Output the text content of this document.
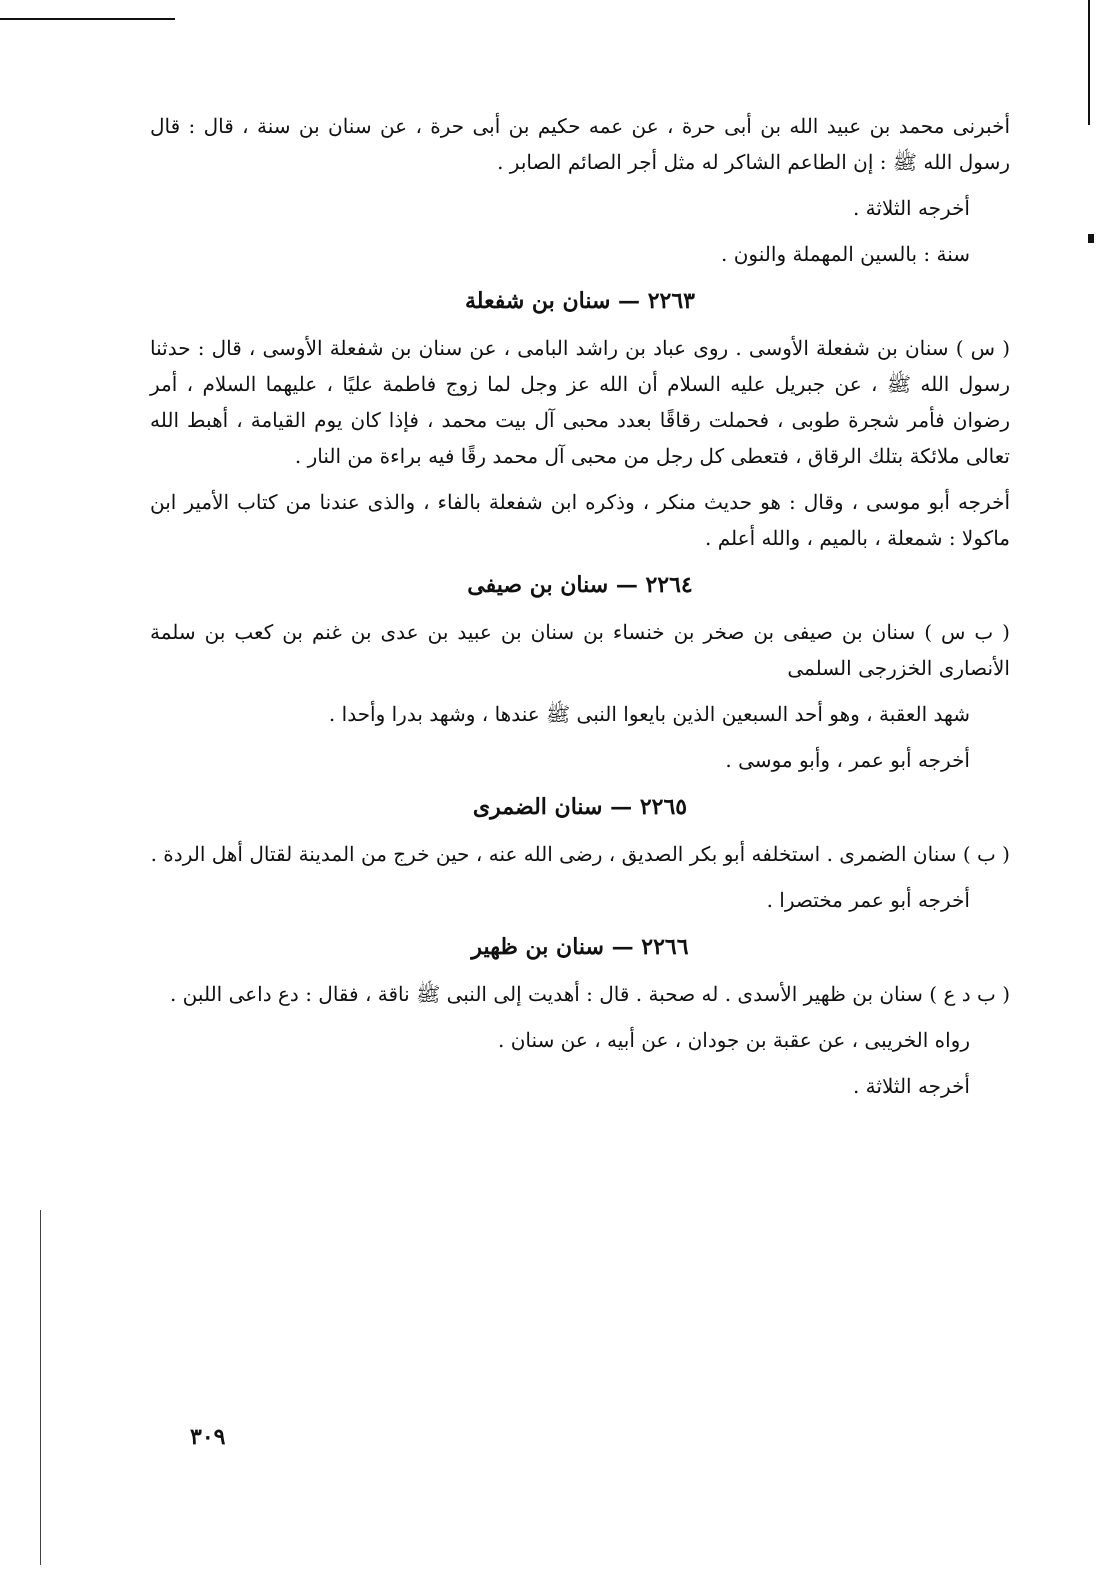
أخبرنى محمد بن عبيد الله بن أبى حرة ، عن عمه حكيم بن أبى حرة ، عن سنان بن سنة ، قال : قال رسول الله ﷺ : إن الطاعم الشاكر له مثل أجر الصائم الصابر .

أخرجه الثلاثة .

سنة : بالسين المهملة والنون .

٢٢٦٣ — سنان بن شفعلة

( س ) سنان بن شفعلة الأوسى . روى عباد بن راشد البامى ، عن سنان بن شفعلة الأوسى ، قال : حدثنا رسول الله ﷺ ، عن جبريل عليه السلام أن الله عز وجل لما زوج فاطمة عليًا ، عليهما السلام ، أمر رضوان فأمر شجرة طوبى ، فحملت رقاقًا بعدد محبى آل بيت محمد ، فإذا كان يوم القيامة ، أهبط الله تعالى ملائكة بتلك الرقاق ، فتعطى كل رجل من محبى آل محمد رقًا فيه براءة من النار .

أخرجه أبو موسى ، وقال : هو حديث منكر ، وذكره ابن شفعلة بالفاء ، والذى عندنا من كتاب الأمير ابن ماكولا : شمعلة ، بالميم ، والله أعلم .

٢٢٦٤ — سنان بن صيفى

( ب س ) سنان بن صيفى بن صخر بن خنساء بن سنان بن عبيد بن عدى بن غنم بن كعب بن سلمة الأنصارى الخزرجى السلمى

شهد العقبة ، وهو أحد السبعين الذين بايعوا النبى ﷺ عندها ، وشهد بدرا وأحدا .

أخرجه أبو عمر ، وأبو موسى .

٢٢٦٥ — سنان الضمرى

( ب ) سنان الضمرى . استخلفه أبو بكر الصديق ، رضى الله عنه ، حين خرج من المدينة لقتال أهل الردة .

أخرجه أبو عمر مختصرا .

٢٢٦٦ — سنان بن ظهير

( ب د ع ) سنان بن ظهير الأسدى . له صحبة . قال : أهديت إلى النبى ﷺ ناقة ، فقال : دع داعى اللبن .

رواه الخريبى ، عن عقبة بن جودان ، عن أبيه ، عن سنان .

أخرجه الثلاثة .

٣٠٩
